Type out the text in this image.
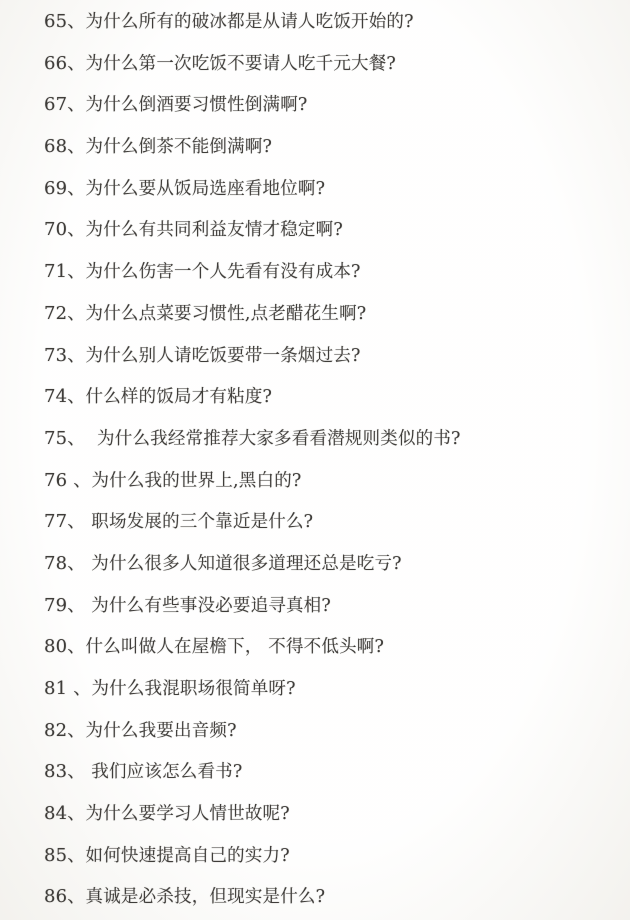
65、为什么所有的破冰都是从请人吃饭开始的?
66、为什么第一次吃饭不要请人吃千元大餐?
67、为什么倒酒要习惯性倒满啊?
68、为什么倒茶不能倒满啊?
69、为什么要从饭局选座看地位啊?
70、为什么有共同利益友情才稳定啊?
71、为什么伤害一个人先看有没有成本?
72、为什么点菜要习惯性,点老醋花生啊?
73、为什么别人请吃饭要带一条烟过去?
74、什么样的饭局才有粘度?
75、  为什么我经常推荐大家多看看潜规则类似的书?
76 、为什么我的世界上,黑白的?
77、 职场发展的三个靠近是什么?
78、 为什么很多人知道很多道理还总是吃亏?
79、 为什么有些事没必要追寻真相?
80、什么叫做人在屋檐下， 不得不低头啊?
81 、为什么我混职场很简单呀?
82、为什么我要出音频?
83、 我们应该怎么看书?
84、为什么要学习人情世故呢?
85、如何快速提高自己的实力?
86、真诚是必杀技，但现实是什么?
